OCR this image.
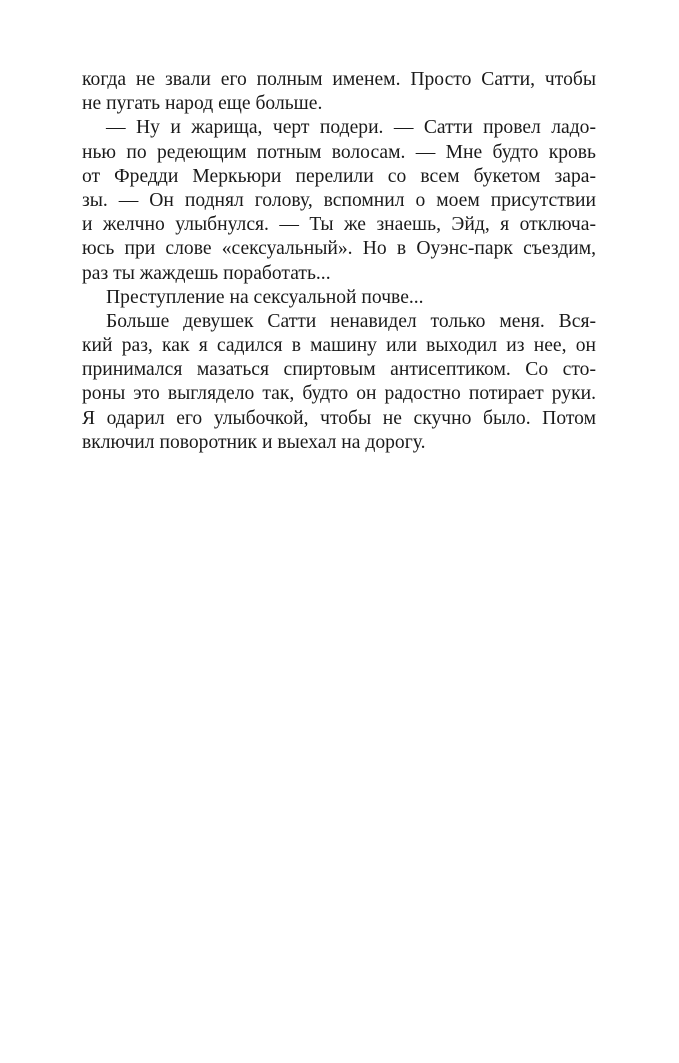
когда не звали его полным именем. Просто Сатти, чтобы
не пугать народ еще больше.
— Ну и жарища, черт подери. — Сатти провел ладо-
нью по редеющим потным волосам. — Мне будто кровь
от Фредди Меркьюри перелили со всем букетом зара-
зы. — Он поднял голову, вспомнил о моем присутствии
и желчно улыбнулся. — Ты же знаешь, Эйд, я отключа-
юсь при слове «сексуальный». Но в Оуэнс-парк съездим,
раз ты жаждешь поработать...
Преступление на сексуальной почве...
Больше девушек Сатти ненавидел только меня. Вся-
кий раз, как я садился в машину или выходил из нее, он
принимался мазаться спиртовым антисептиком. Со сто-
роны это выглядело так, будто он радостно потирает руки.
Я одарил его улыбочкой, чтобы не скучно было. Потом
включил поворотник и выехал на дорогу.
